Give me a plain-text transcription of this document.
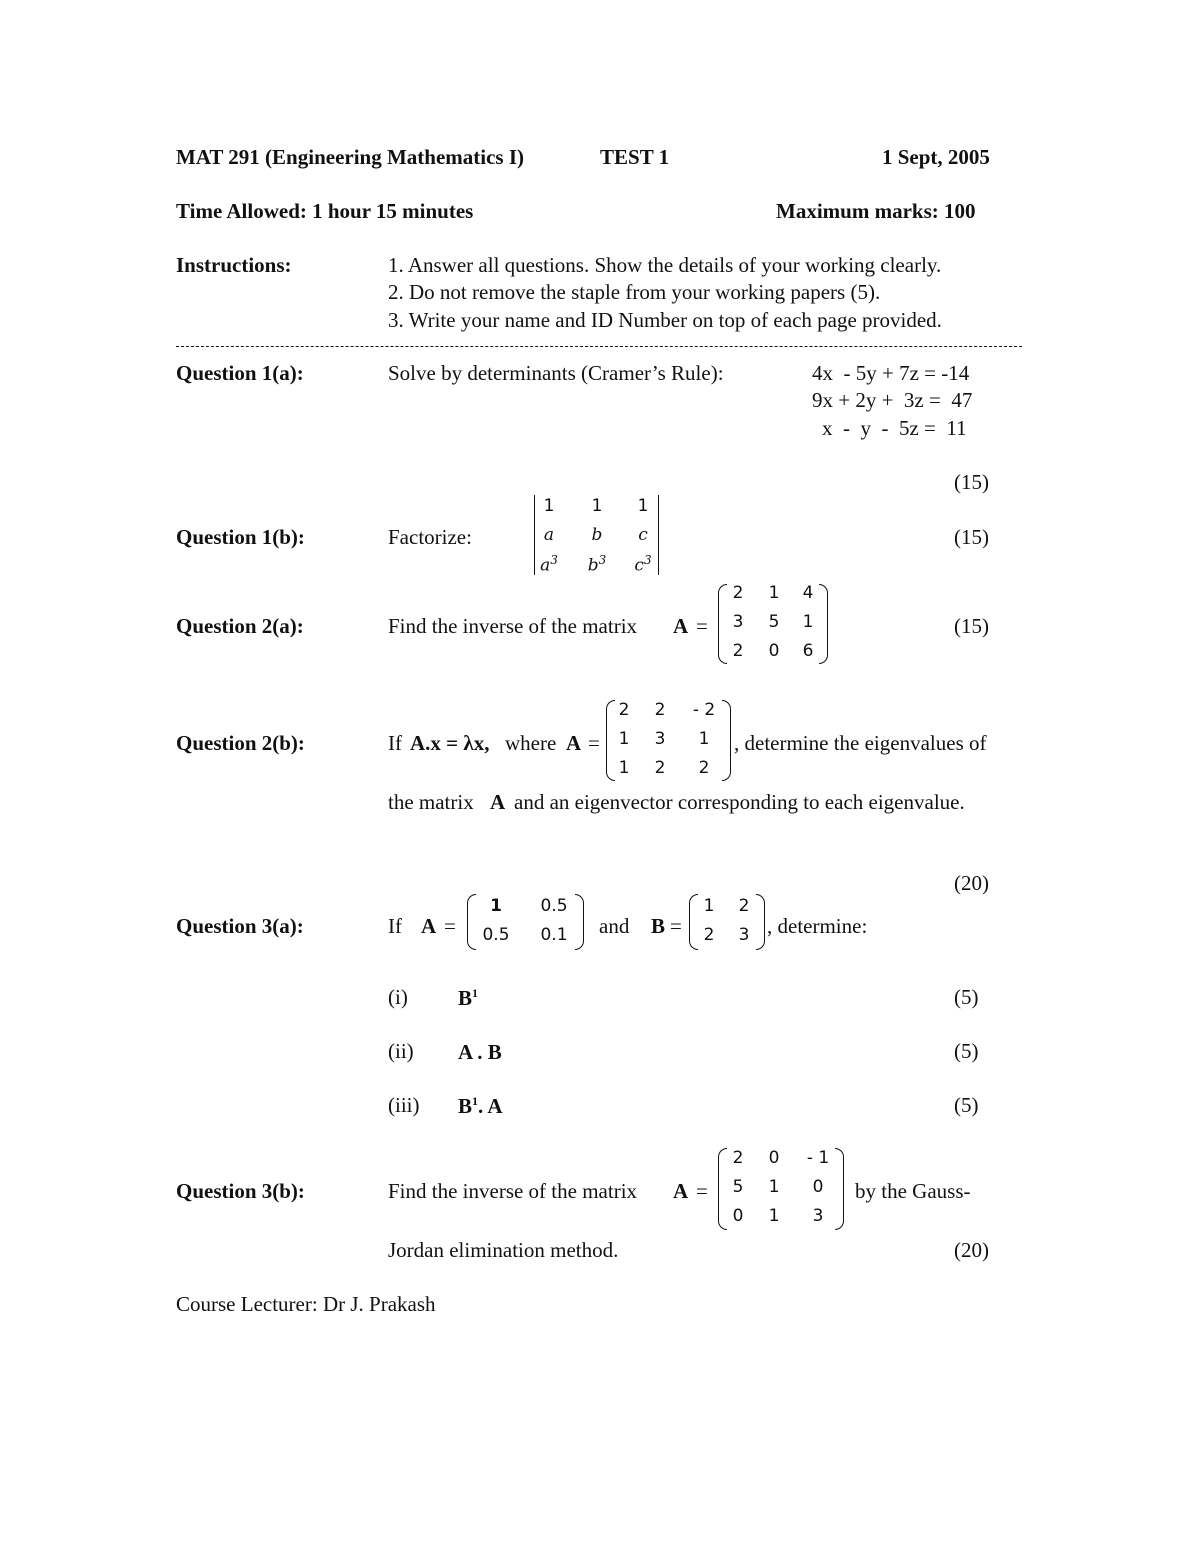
MAT 291 (Engineering Mathematics I)	TEST 1	1 Sept, 2005
Time Allowed: 1 hour 15 minutes	Maximum marks: 100
Instructions:	1. Answer all questions. Show the details of your working clearly.
2. Do not remove the staple from your working papers (5).
3. Write your name and ID Number on top of each page provided.
Question 1(a):	Solve by determinants (Cramer’s Rule):	4x  - 5y + 7z = -14
9x + 2y +  3z =  47
x  -  y  -  5z =  11
(15)
Question 1(b):	Factorize:
1	1	1
a	b	c
$a^3$ $b^3$ $c^3$
(15)
Question 2(a):	Find the inverse of the matrix A =
2 1 4
3 5 1
2 0 6
(15)
Question 2(b):	If A.x = λx, where A =
2 2	- 2
1 3 1
1 2 2
, determine the eigenvalues of
the matrix A and an eigenvector corresponding to each eigenvalue.
(20)
Question 3(a):	If A =
1	0.5
0.5	0.1	and B =
1 2
2 3 , determine:
(i) $B^1$	(5)
(ii) A . B	(5)
(iii) $B^1$. A	(5)
Question 3(b):	Find the inverse of the matrix A =
2 0	- 1
5 1 0
0 1 3
by the Gauss-
Jordan elimination method.	(20)
Course Lecturer: Dr J. Prakash
